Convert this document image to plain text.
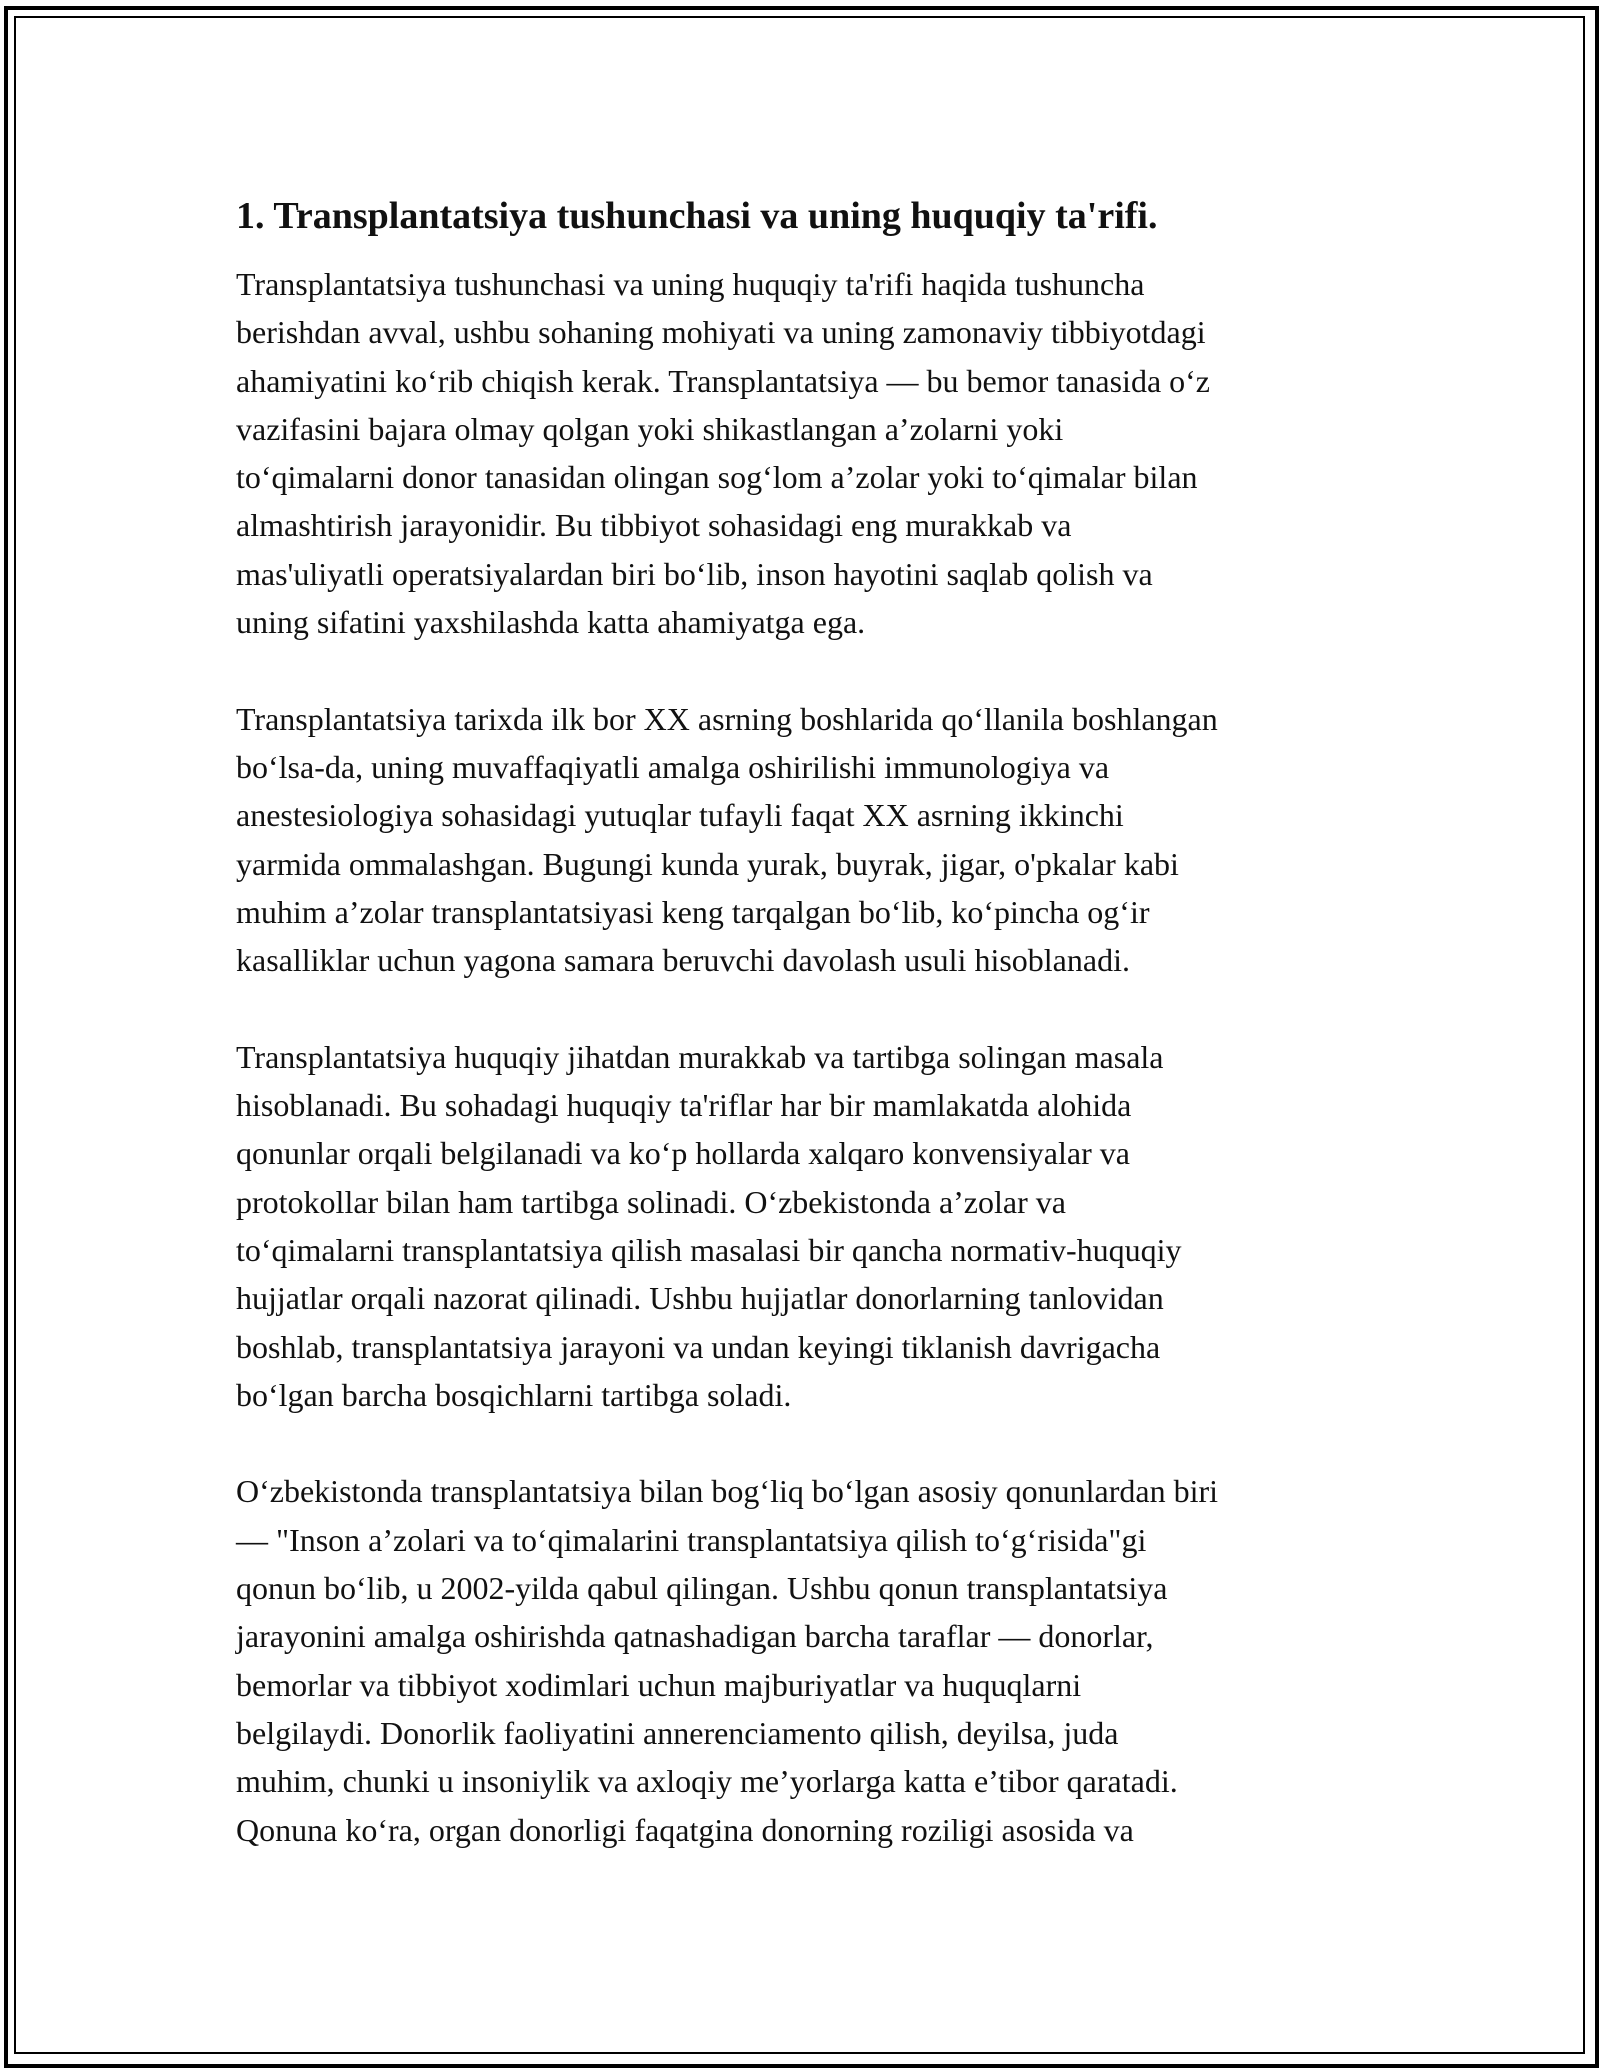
1. Transplantatsiya tushunchasi va uning huquqiy ta'rifi.

Transplantatsiya tushunchasi va uning huquqiy ta'rifi haqida tushuncha
berishdan avval, ushbu sohaning mohiyati va uning zamonaviy tibbiyotdagi
ahamiyatini koʻrib chiqish kerak. Transplantatsiya — bu bemor tanasida oʻz
vazifasini bajara olmay qolgan yoki shikastlangan a’zolarni yoki
toʻqimalarni donor tanasidan olingan sogʻlom a’zolar yoki toʻqimalar bilan
almashtirish jarayonidir. Bu tibbiyot sohasidagi eng murakkab va
mas'uliyatli operatsiyalardan biri boʻlib, inson hayotini saqlab qolish va
uning sifatini yaxshilashda katta ahamiyatga ega.

Transplantatsiya tarixda ilk bor XX asrning boshlarida qoʻllanila boshlangan
boʻlsa-da, uning muvaffaqiyatli amalga oshirilishi immunologiya va
anestesiologiya sohasidagi yutuqlar tufayli faqat XX asrning ikkinchi
yarmida ommalashgan. Bugungi kunda yurak, buyrak, jigar, o'pkalar kabi
muhim a’zolar transplantatsiyasi keng tarqalgan boʻlib, koʻpincha ogʻir
kasalliklar uchun yagona samara beruvchi davolash usuli hisoblanadi.

Transplantatsiya huquqiy jihatdan murakkab va tartibga solingan masala
hisoblanadi. Bu sohadagi huquqiy ta'riflar har bir mamlakatda alohida
qonunlar orqali belgilanadi va koʻp hollarda xalqaro konvensiyalar va
protokollar bilan ham tartibga solinadi. Oʻzbekistonda a’zolar va
toʻqimalarni transplantatsiya qilish masalasi bir qancha normativ-huquqiy
hujjatlar orqali nazorat qilinadi. Ushbu hujjatlar donorlarning tanlovidan
boshlab, transplantatsiya jarayoni va undan keyingi tiklanish davrigacha
boʻlgan barcha bosqichlarni tartibga soladi.

Oʻzbekistonda transplantatsiya bilan bogʻliq boʻlgan asosiy qonunlardan biri
— "Inson a’zolari va toʻqimalarini transplantatsiya qilish toʻgʻrisida"gi
qonun boʻlib, u 2002-yilda qabul qilingan. Ushbu qonun transplantatsiya
jarayonini amalga oshirishda qatnashadigan barcha taraflar — donorlar,
bemorlar va tibbiyot xodimlari uchun majburiyatlar va huquqlarni
belgilaydi. Donorlik faoliyatini annerenciamento qilish, deyilsa, juda
muhim, chunki u insoniylik va axloqiy me’yorlarga katta e’tibor qaratadi.
Qonuna koʻra, organ donorligi faqatgina donorning roziligi asosida va
